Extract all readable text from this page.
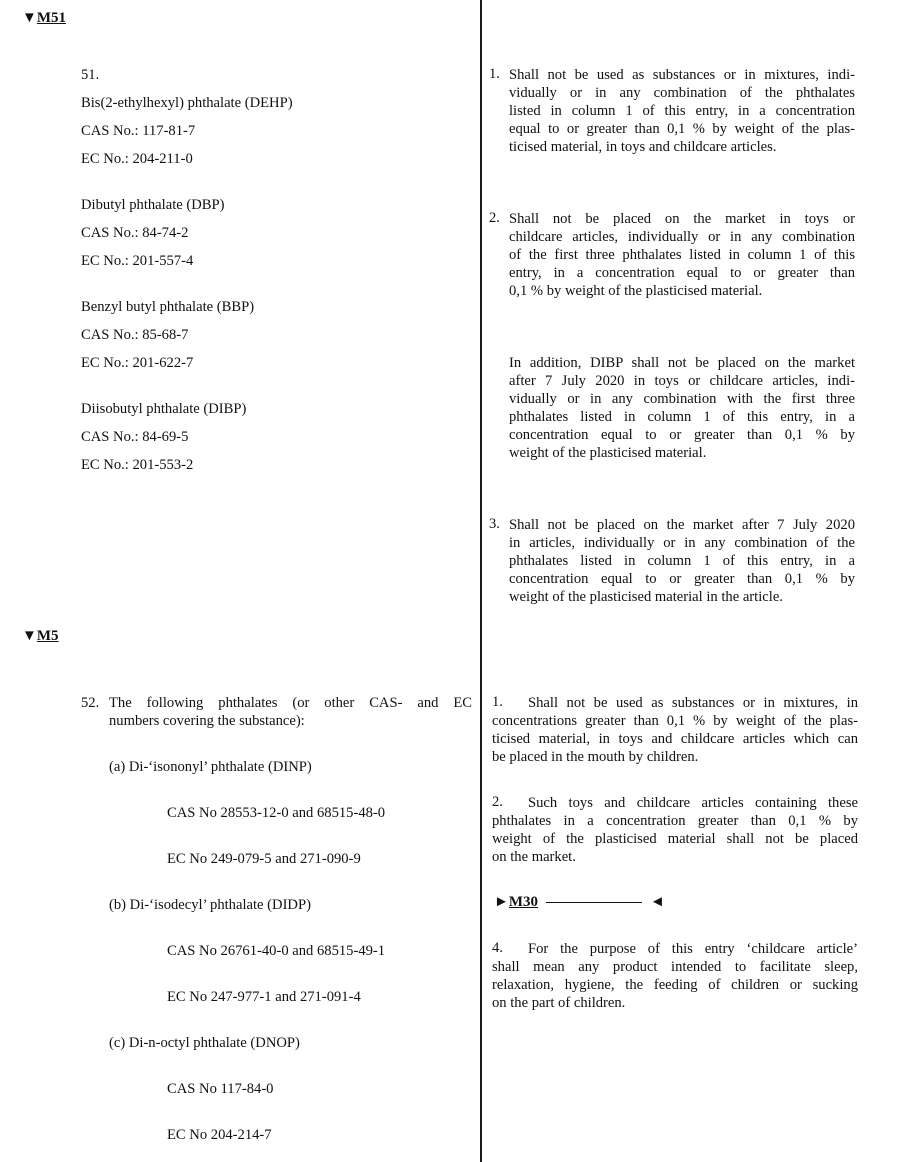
▼M51
51.
Bis(2-ethylhexyl) phthalate (DEHP)
CAS No.: 117-81-7
EC No.: 204-211-0
Dibutyl phthalate (DBP)
CAS No.: 84-74-2
EC No.: 201-557-4
Benzyl butyl phthalate (BBP)
CAS No.: 85-68-7
EC No.: 201-622-7
Diisobutyl phthalate (DIBP)
CAS No.: 84-69-5
EC No.: 201-553-2
1. Shall not be used as substances or in mixtures, indi-
vidually or in any combination of the phthalates
listed in column 1 of this entry, in a concentration
equal to or greater than 0,1 % by weight of the plas-
ticised material, in toys and childcare articles.
2. Shall not be placed on the market in toys or
childcare articles, individually or in any combination
of the first three phthalates listed in column 1 of this
entry, in a concentration equal to or greater than
0,1 % by weight of the plasticised material.
In addition, DIBP shall not be placed on the market
after 7 July 2020 in toys or childcare articles, indi-
vidually or in any combination with the first three
phthalates listed in column 1 of this entry, in a
concentration equal to or greater than 0,1 % by
weight of the plasticised material.
3. Shall not be placed on the market after 7 July 2020
in articles, individually or in any combination of the
phthalates listed in column 1 of this entry, in a
concentration equal to or greater than 0,1 % by
weight of the plasticised material in the article.
▼M5
52. The following phthalates (or other CAS- and EC
numbers covering the substance):
(a) Di-‘isononyl’ phthalate (DINP)
CAS No 28553-12-0 and 68515-48-0
EC No 249-079-5 and 271-090-9
(b) Di-‘isodecyl’ phthalate (DIDP)
CAS No 26761-40-0 and 68515-49-1
EC No 247-977-1 and 271-091-4
(c) Di-n-octyl phthalate (DNOP)
CAS No 117-84-0
EC No 204-214-7
1.	Shall not be used as substances or in mixtures, in
concentrations greater than 0,1 % by weight of the plas-
ticised material, in toys and childcare articles which can
be placed in the mouth by children.
2.	Such toys and childcare articles containing these
phthalates in a concentration greater than 0,1 % by
weight of the plasticised material shall not be placed
on the market.
►M30	◄
4.	For the purpose of this entry ‘childcare article’
shall mean any product intended to facilitate sleep,
relaxation, hygiene, the feeding of children or sucking
on the part of children.
